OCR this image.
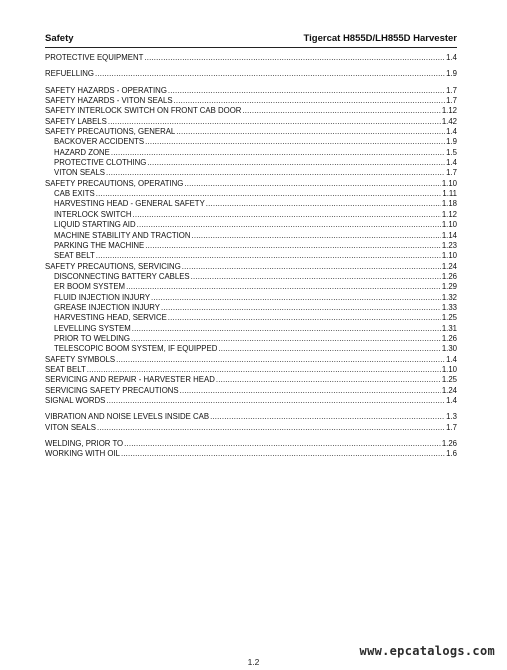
Safety	Tigercat H855D/LH855D Harvester
PROTECTIVE EQUIPMENT .....	1.4
REFUELLING .....	1.9
SAFETY HAZARDS - OPERATING .....	1.7
SAFETY HAZARDS - VITON SEALS .....	1.7
SAFETY INTERLOCK SWITCH ON FRONT CAB DOOR .....	1.12
SAFETY LABELS .....	1.42
SAFETY PRECAUTIONS, GENERAL .....	1.4
BACKOVER ACCIDENTS .....	1.9
HAZARD ZONE .....	1.5
PROTECTIVE CLOTHING .....	1.4
VITON SEALS .....	1.7
SAFETY PRECAUTIONS, OPERATING .....	1.10
CAB EXITS .....	1.11
HARVESTING HEAD - GENERAL SAFETY .....	1.18
INTERLOCK SWITCH .....	1.12
LIQUID STARTING AID .....	1.10
MACHINE STABILITY AND TRACTION .....	1.14
PARKING THE MACHINE .....	1.23
SEAT BELT .....	1.10
SAFETY PRECAUTIONS, SERVICING .....	1.24
DISCONNECTING BATTERY CABLES .....	1.26
ER BOOM SYSTEM .....	1.29
FLUID INJECTION INJURY .....	1.32
GREASE INJECTION INJURY .....	1.33
HARVESTING HEAD, SERVICE .....	1.25
LEVELLING SYSTEM .....	1.31
PRIOR TO WELDING .....	1.26
TELESCOPIC BOOM SYSTEM, IF EQUIPPED .....	1.30
SAFETY SYMBOLS .....	1.4
SEAT BELT .....	1.10
SERVICING AND REPAIR - HARVESTER HEAD .....	1.25
SERVICING SAFETY PRECAUTIONS .....	1.24
SIGNAL WORDS .....	1.4
VIBRATION AND NOISE LEVELS INSIDE CAB .....	1.3
VITON SEALS .....	1.7
WELDING, PRIOR TO .....	1.26
WORKING WITH OIL .....	1.6
1.2
www.epcatalogs.com
